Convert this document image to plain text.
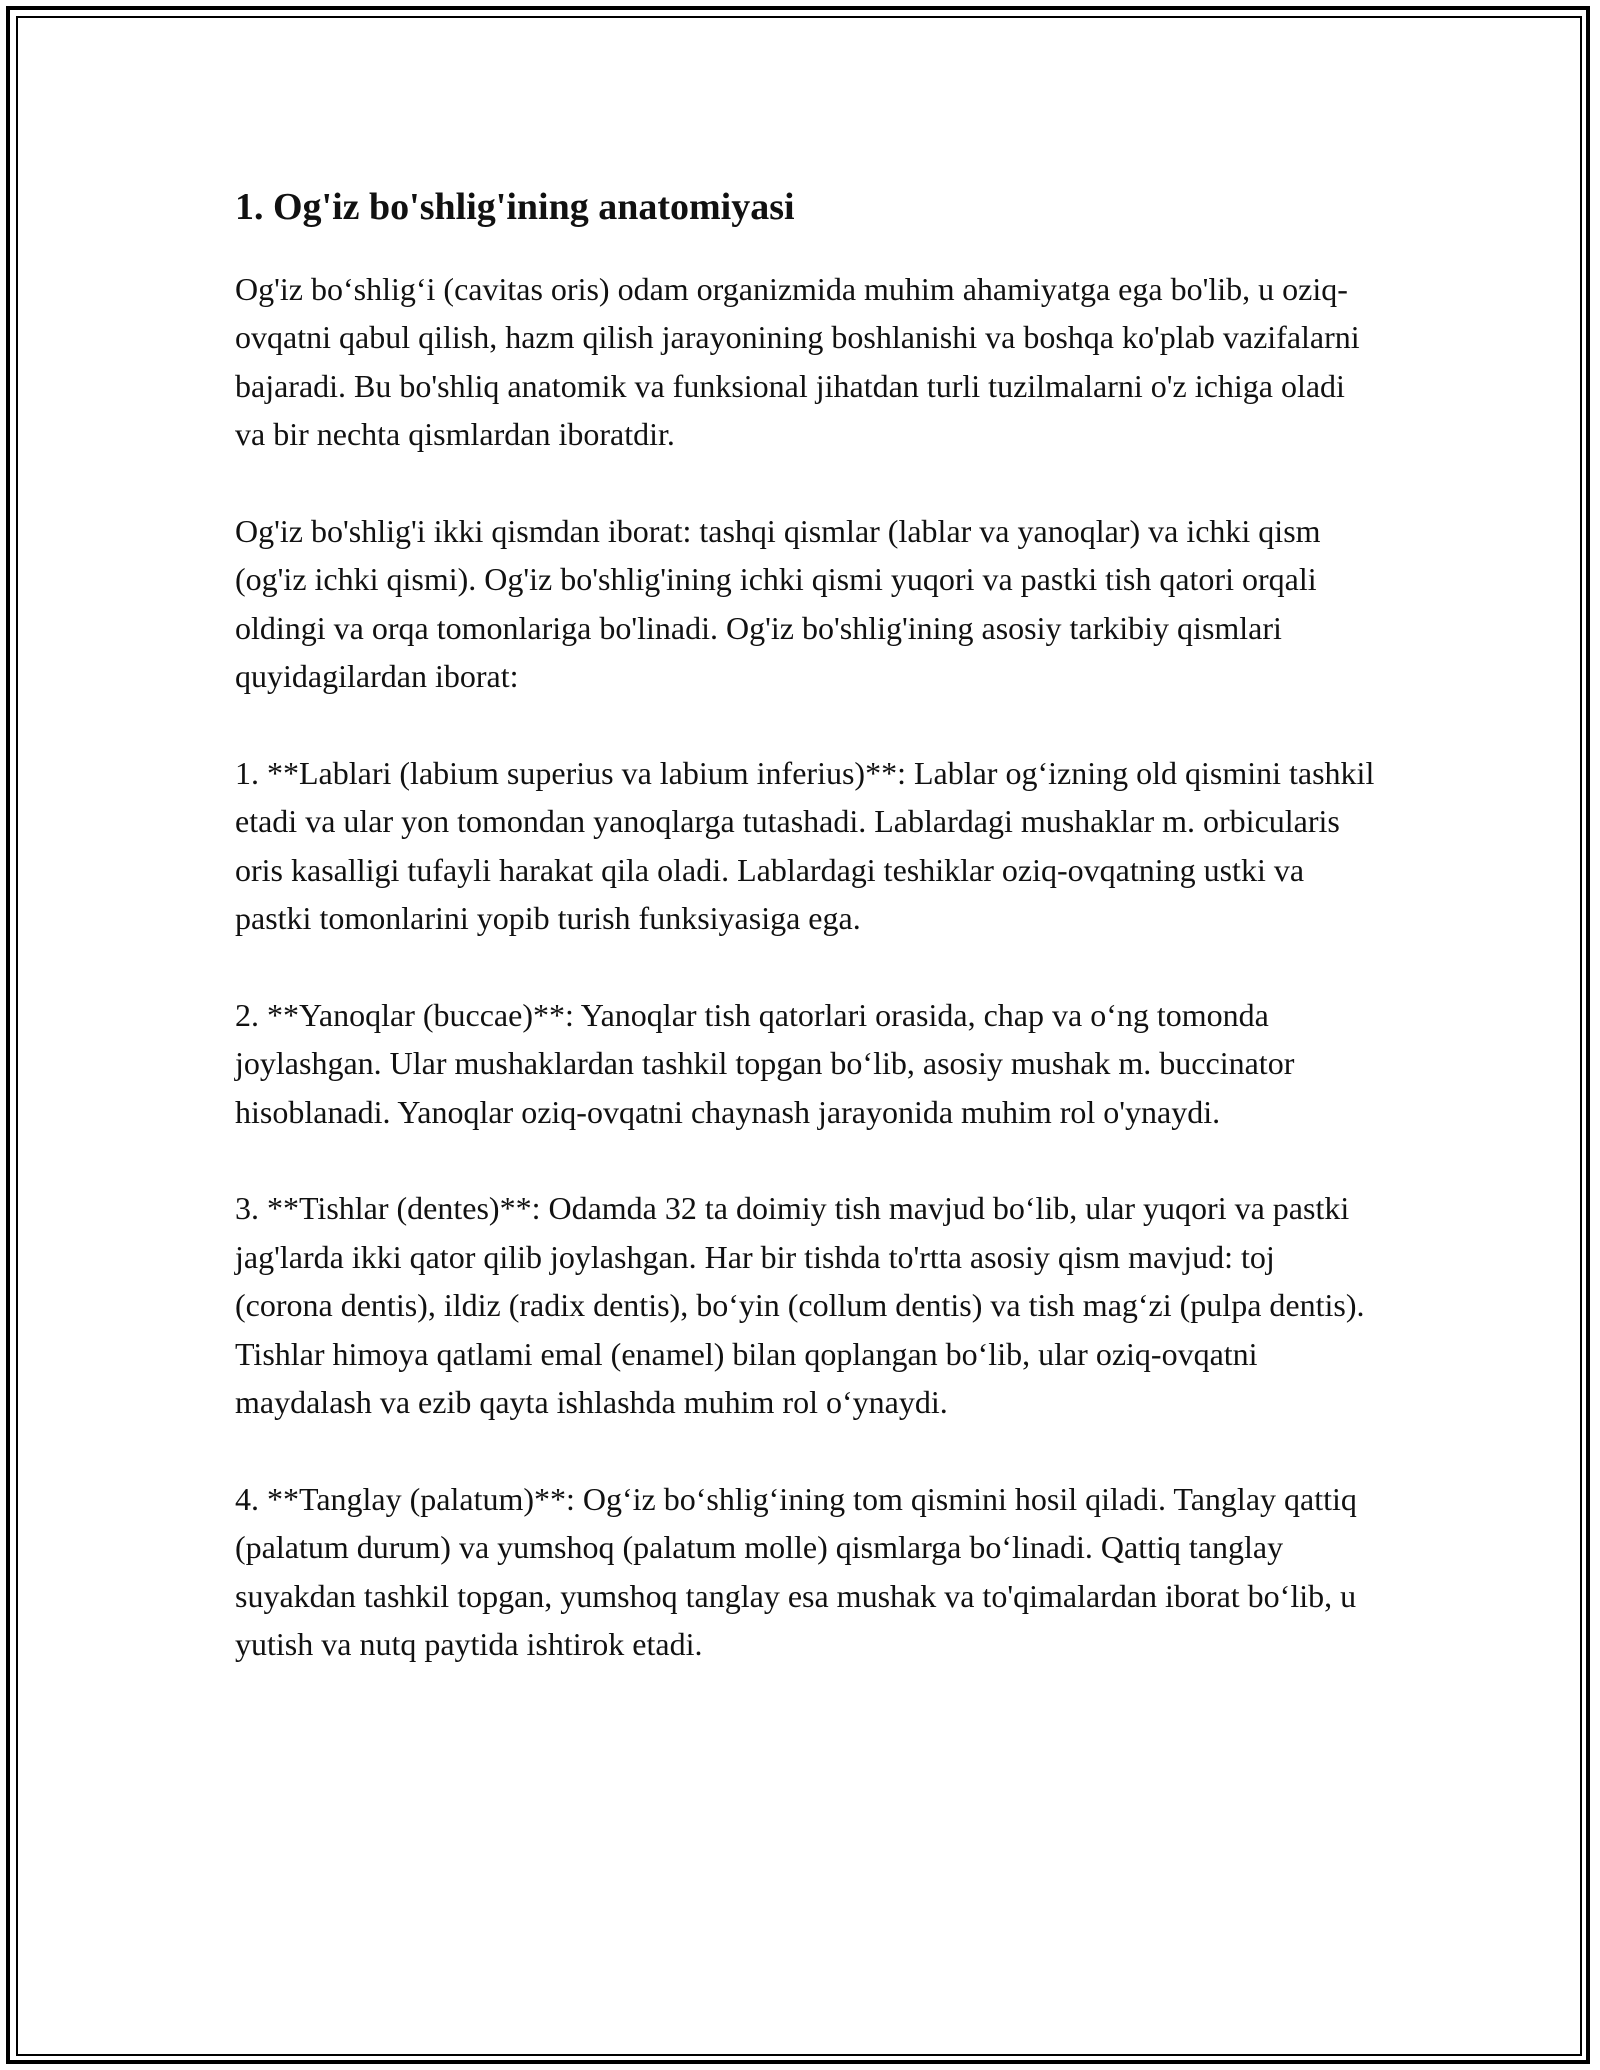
1. Og'iz bo'shlig'ining anatomiyasi

Og'iz bo‘shlig‘i (cavitas oris) odam organizmida muhim ahamiyatga ega bo'lib, u oziq-ovqatni qabul qilish, hazm qilish jarayonining boshlanishi va boshqa ko'plab vazifalarni bajaradi. Bu bo'shliq anatomik va funksional jihatdan turli tuzilmalarni o'z ichiga oladi va bir nechta qismlardan iboratdir.

Og'iz bo'shlig'i ikki qismdan iborat: tashqi qismlar (lablar va yanoqlar) va ichki qism (og'iz ichki qismi). Og'iz bo'shlig'ining ichki qismi yuqori va pastki tish qatori orqali oldingi va orqa tomonlariga bo'linadi. Og'iz bo'shlig'ining asosiy tarkibiy qismlari quyidagilardan iborat:

1. **Lablari (labium superius va labium inferius)**: Lablar og‘izning old qismini tashkil etadi va ular yon tomondan yanoqlarga tutashadi. Lablardagi mushaklar m. orbicularis oris kasalligi tufayli harakat qila oladi. Lablardagi teshiklar oziq-ovqatning ustki va pastki tomonlarini yopib turish funksiyasiga ega.

2. **Yanoqlar (buccae)**: Yanoqlar tish qatorlari orasida, chap va o‘ng tomonda joylashgan. Ular mushaklardan tashkil topgan bo‘lib, asosiy mushak m. buccinator hisoblanadi. Yanoqlar oziq-ovqatni chaynash jarayonida muhim rol o'ynaydi.

3. **Tishlar (dentes)**: Odamda 32 ta doimiy tish mavjud bo‘lib, ular yuqori va pastki jag'larda ikki qator qilib joylashgan. Har bir tishda to'rtta asosiy qism mavjud: toj (corona dentis), ildiz (radix dentis), bo‘yin (collum dentis) va tish mag‘zi (pulpa dentis). Tishlar himoya qatlami emal (enamel) bilan qoplangan bo‘lib, ular oziq-ovqatni maydalash va ezib qayta ishlashda muhim rol o‘ynaydi.

4. **Tanglay (palatum)**: Og‘iz bo‘shlig‘ining tom qismini hosil qiladi. Tanglay qattiq (palatum durum) va yumshoq (palatum molle) qismlarga bo‘linadi. Qattiq tanglay suyakdan tashkil topgan, yumshoq tanglay esa mushak va to'qimalardan iborat bo‘lib, u yutish va nutq paytida ishtirok etadi.
